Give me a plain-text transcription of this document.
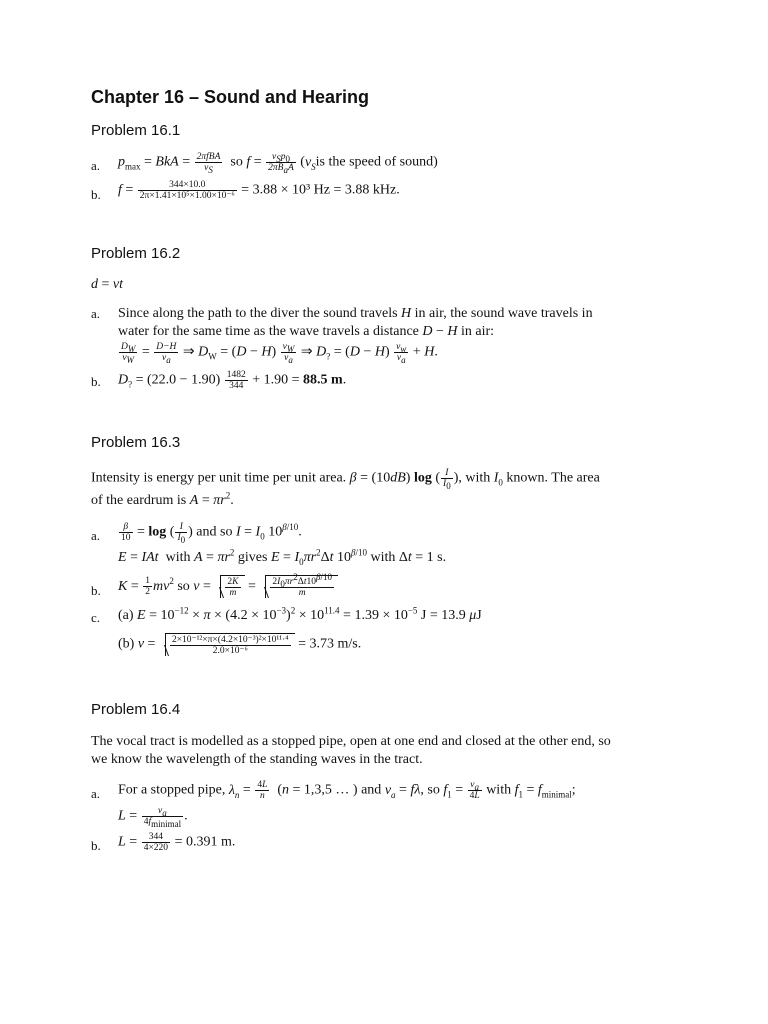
Chapter 16 – Sound and Hearing
Problem 16.1
a. $p_{max}$ = BkA = $\frac{\text{2πfBA}}{v_S}$ so $f = \frac{v_Sp_0}{2\pi B_aA} (v_Sis$ the speed of sound)
b. $f = \frac{344\times 10.0}{\text{2π×1.41×10⁵×1.00×10⁻⁶}} = 3.88 \times 10^3$ Hz = 3.88 kHz.
Problem 16.2
d = vt
a. Since along the path to the diver the sound travels H in air, the sound wave travels in
water for the same time as the wave travels a distance D − H in air:
$\frac{D_W}{v_W} = \frac{D-H}{v_a}$ ⇒ $D_W = (D - H) \frac{v_W}{v_a}$ ⇒ $D_? = (D - H) \frac{v_w}{v_a} + H$.
b. $D_? = (22.0 - 1.90) \frac{1482}{344} + 1.90 = 88.5$ m.
Problem 16.3
Intensity is energy per unit time per unit area. β = (10dB) log ( $\frac{I}{I_0}$ ), with $I_0$ known. The area
of the eardrum is $A = \pi r^2$.
a. $\frac{\beta}{10} = \log$ ( $\frac{I}{I_0}$ ) and so $I = I_0$ $10^{\beta/10}$.
E = IAt  with $A = \pi r^2$ gives $E = I_0\pi r^2\Delta t$ $10^{\beta/10}$ with Δt = 1 s.
b. $K = \frac{1}{2} mv^2$ so $v = \frac{2K}{m} = \frac{2I_0\pi r^2\Delta t10^{\beta/10}}{m}$
c. (a) $E = 10^{-12} \times \pi \times (4.2 \times 10^{-3})^2 \times 10^{11.4} = 1.39 \times 10^{-5}$ J = 13.9 μJ
(b) $v = \frac{\text{2×10⁻¹²×π×(4.2×10⁻³)²×10¹¹·⁴}}{\text{2.0×10⁻⁶}} = 3.73$ m/s.
Problem 16.4
The vocal tract is modelled as a stopped pipe, open at one end and closed at the other end, so
we know the wavelength of the standing waves in the tract.
a. For a stopped pipe, $\lambda_n = \frac{4L}{n} (n = 1,3,5$ … ) and $v_a = f\lambda$, so $f_1 = \frac{v_a}{4L}$ with $f_1 = f_{minimal}$;
$L = \frac{v_a}{4f_{minimal}}$ .
b. $L = \frac{344}{4\times 220} = 0.391$ m.
